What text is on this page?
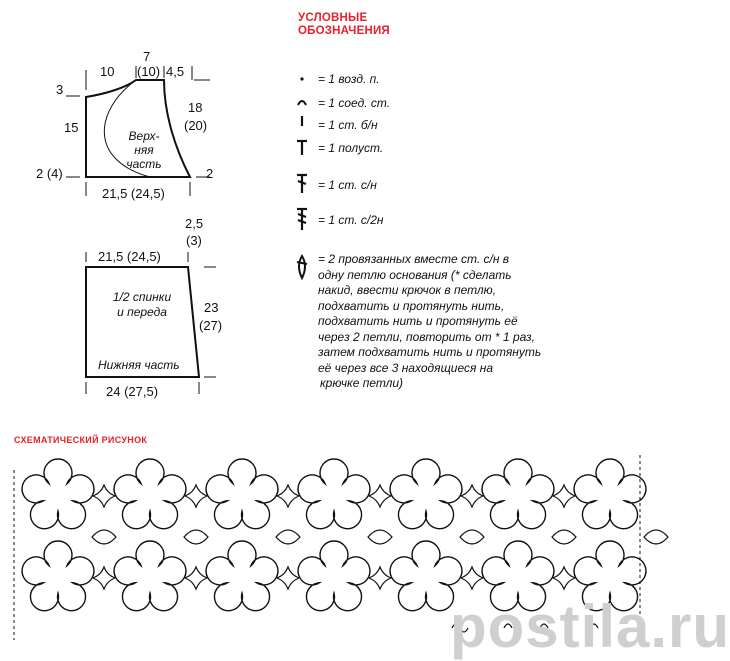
10
7
(10) 4,5
3
15
2 (4)
18
(20)
2
21,5 (24,5)
Верх-
няя
часть
21,5 (24,5)
2,5
(3)
23
(27)
24 (27,5)
1/2 спинки
и переда
Нижняя часть
УСЛОВНЫЕ
ОБОЗНАЧЕНИЯ
= 1 возд. п.
= 1 соед. ст.
= 1 ст. б/н
= 1 полуст.
= 1 ст. с/н
= 1 ст. с/2н
= 2 провязанных вместе ст. с/н в
одну петлю основания (* сделать
накид, ввести крючок в петлю,
подхватить и протянуть нить,
подхватить нить и протянуть её
через 2 петли, повторить от * 1 раз,
затем подхватить нить и протянуть
её через все 3 находящиеся на
крючке петли)
СХЕМАТИЧЕСКИЙ РИСУНОК
postila.ru
